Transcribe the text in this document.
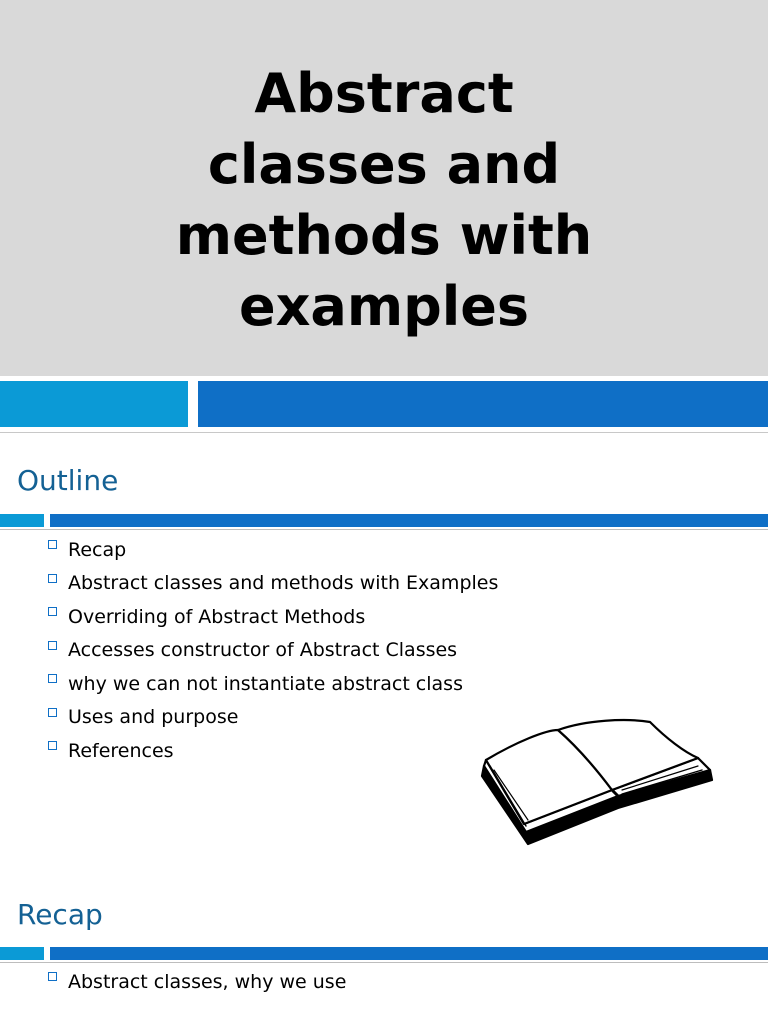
Abstract
classes and
methods with
examples
Outline
Recap
Abstract classes and methods with Examples
Overriding of Abstract Methods
Accesses constructor of Abstract Classes
why we can not instantiate abstract class
Uses and purpose
References
Recap
Abstract classes, why we use
